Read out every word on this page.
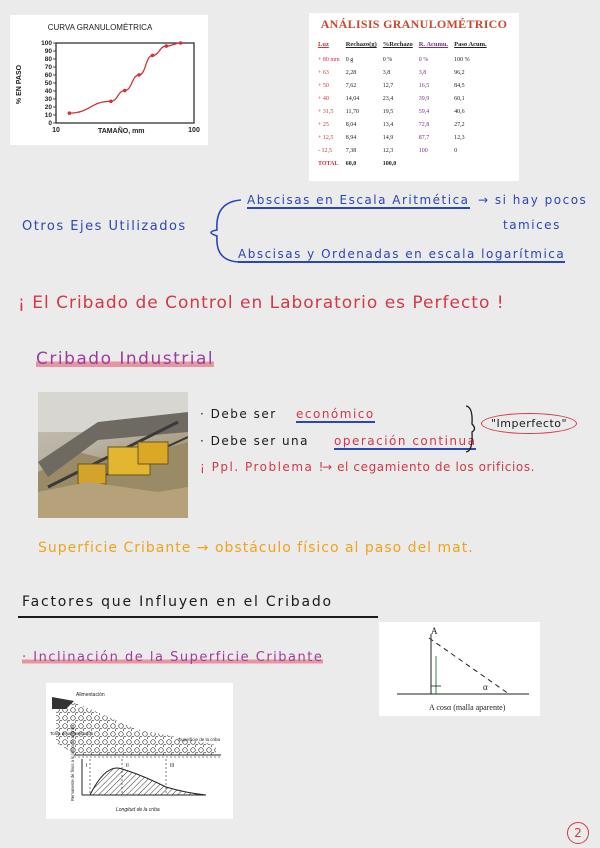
CURVA GRANULOMÉTRICA
100
90
80
70
60
50
40
30
20
10
0
10	100
% EN PASO
TAMAÑO, mm
ANÁLISIS GRANULOMÉTRICO
Luz	Rechazo(g)	%Rechazo	R. Acumu.	Paso Acum.
+ 80 mm	0 g	0 %	0 %	100 %
+ 63	2,28	3,8	3,8	96,2
+ 50	7,62	12,7	16,5	84,5
+ 40	14,04	23,4	39,9	60,1
+ 31,5	11,70	19,5	59,4	40,6
+ 25	8,04	13,4	72,8	27,2
+ 12,5	8,94	14,9	87,7	12,3
- 12,5	7,38	12,3	100	0
TOTAL	60,0	100,0		
Otros Ejes Utilizados
Abscisas en Escala Aritmética → si hay pocos
tamices
Abscisas y Ordenadas en escala logarítmica
¡ El Cribado de Control en Laboratorio es Perfecto !
Cribado Industrial
· Debe ser económico
· Debe ser una operación continua
"Imperfecto"
¡ Ppl. Problema !
→ el cegamiento de los orificios.
Superficie Cribante → obstáculo físico al paso del mat.
Factores que Influyen en el Cribado
· Inclinación de la Superficie Cribante
A
α
A cosα (malla aparente)
I	II	III
Alimentación
Tolva de alimentación
Superficie de la criba
Longitud de la criba
Remanente de finos a lo largo de la criba
2
